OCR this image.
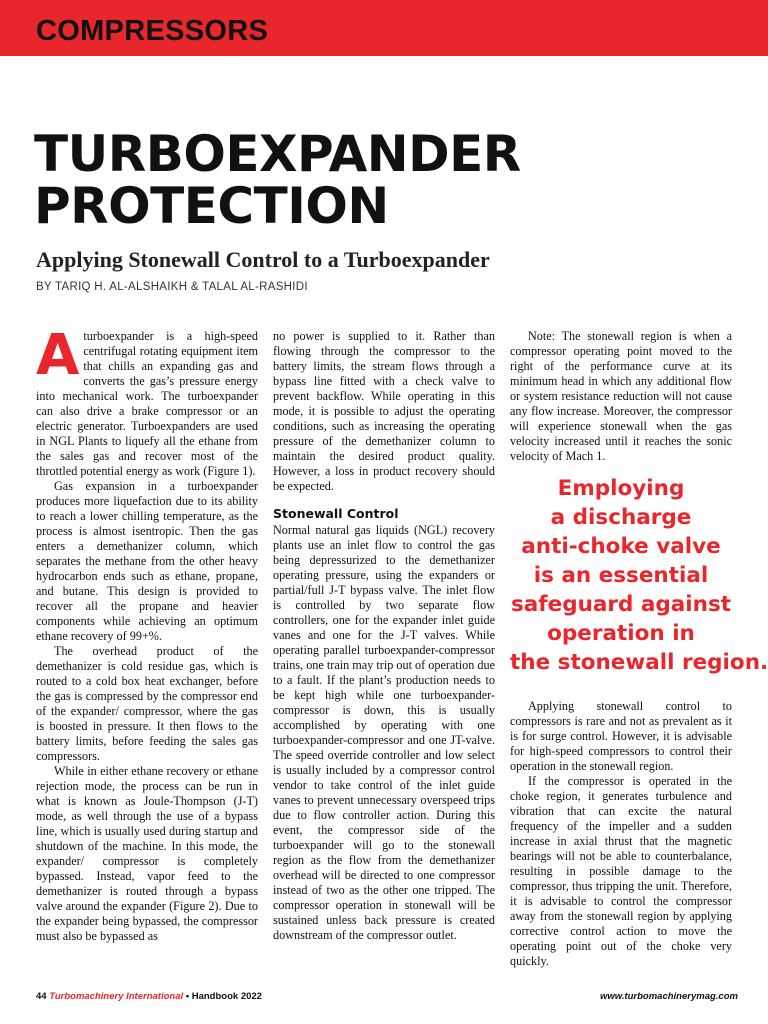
COMPRESSORS
TURBOEXPANDER
PROTECTION
Applying Stonewall Control to a Turboexpander
BY TARIQ H. AL-ALSHAIKH & TALAL AL-RASHIDI

Aturboexpander is a high-speed centrifugal rotating equipment item that chills an expanding gas and converts the gas’s pressure energy into mechanical work. The turboexpander can also drive a brake compressor or an electric generator. Turboexpanders are used in NGL Plants to liquefy all the ethane from the sales gas and recover most of the throttled potential energy as work (Figure 1).

Gas expansion in a turboexpander produces more liquefaction due to its ability to reach a lower chilling temperature, as the process is almost isentropic. Then the gas enters a demethanizer column, which separates the methane from the other heavy hydrocarbon ends such as ethane, propane, and butane. This design is provided to recover all the propane and heavier components while achieving an optimum ethane recovery of 99+%.

The overhead product of the demethanizer is cold residue gas, which is routed to a cold box heat exchanger, before the gas is compressed by the compressor end of the expander/ compressor, where the gas is boosted in pressure. It then flows to the battery limits, before feeding the sales gas compressors.

While in either ethane recovery or ethane rejection mode, the process can be run in what is known as Joule-Thompson (J-T) mode, as well through the use of a bypass line, which is usually used during startup and shutdown of the machine. In this mode, the expander/ compressor is completely bypassed. Instead, vapor feed to the demethanizer is routed through a bypass valve around the expander (Figure 2). Due to the expander being bypassed, the compressor must also be bypassed as

no power is supplied to it. Rather than flowing through the compressor to the battery limits, the stream flows through a bypass line fitted with a check valve to prevent backflow. While operating in this mode, it is possible to adjust the operating conditions, such as increasing the operating pressure of the demethanizer column to maintain the desired product quality. However, a loss in product recovery should be expected.

Stonewall Control

Normal natural gas liquids (NGL) recovery plants use an inlet flow to control the gas being depressurized to the demethanizer operating pressure, using the expanders or partial/full J-T bypass valve. The inlet flow is controlled by two separate flow controllers, one for the expander inlet guide vanes and one for the J-T valves. While operating parallel turboexpander-compressor trains, one train may trip out of operation due to a fault. If the plant’s production needs to be kept high while one turboexpander-compressor is down, this is usually accomplished by operating with one turboexpander-compressor and one JT-valve. The speed override controller and low select is usually included by a compressor control vendor to take control of the inlet guide vanes to prevent unnecessary overspeed trips due to flow controller action. During this event, the compressor side of the turboexpander will go to the stonewall region as the flow from the demethanizer overhead will be directed to one compressor instead of two as the other one tripped. The compressor operation in stonewall will be sustained unless back pressure is created downstream of the compressor outlet.

Note: The stonewall region is when a compressor operating point moved to the right of the performance curve at its minimum head in which any additional flow or system resistance reduction will not cause any flow increase. Moreover, the compressor will experience stonewall when the gas velocity increased until it reaches the sonic velocity of Mach 1.

Employing
a discharge
anti-choke valve
is an essential
safeguard against
operation in
the stonewall region.

Applying stonewall control to compressors is rare and not as prevalent as it is for surge control. However, it is advisable for high-speed compressors to control their operation in the stonewall region.

If the compressor is operated in the choke region, it generates turbulence and vibration that can excite the natural frequency of the impeller and a sudden increase in axial thrust that the magnetic bearings will not be able to counterbalance, resulting in possible damage to the compressor, thus tripping the unit. Therefore, it is advisable to control the compressor away from the stonewall region by applying corrective control action to move the operating point out of the choke very quickly.

44 Turbomachinery International • Handbook 2022	www.turbomachinerymag.com
